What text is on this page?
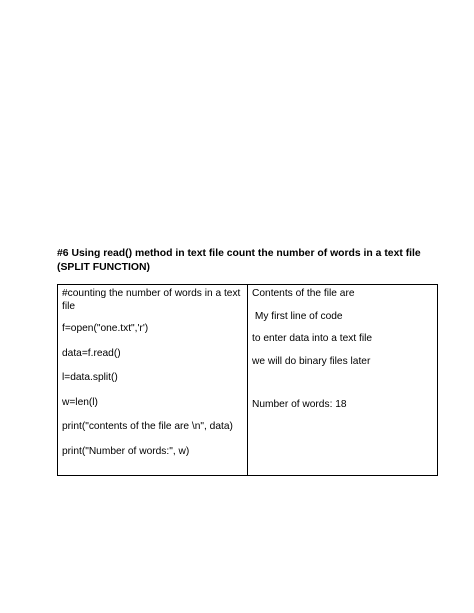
#6 Using read() method in text file count the number of words in a text file
(SPLIT FUNCTION)
#counting the number of words in a text file
f=open("one.txt",'r')
data=f.read()
l=data.split()
w=len(l)
print("contents of the file are \n", data)
print("Number of words:", w)

Contents of the file are
My first line of code
to enter data into a text file
we will do binary files later
Number of words: 18
